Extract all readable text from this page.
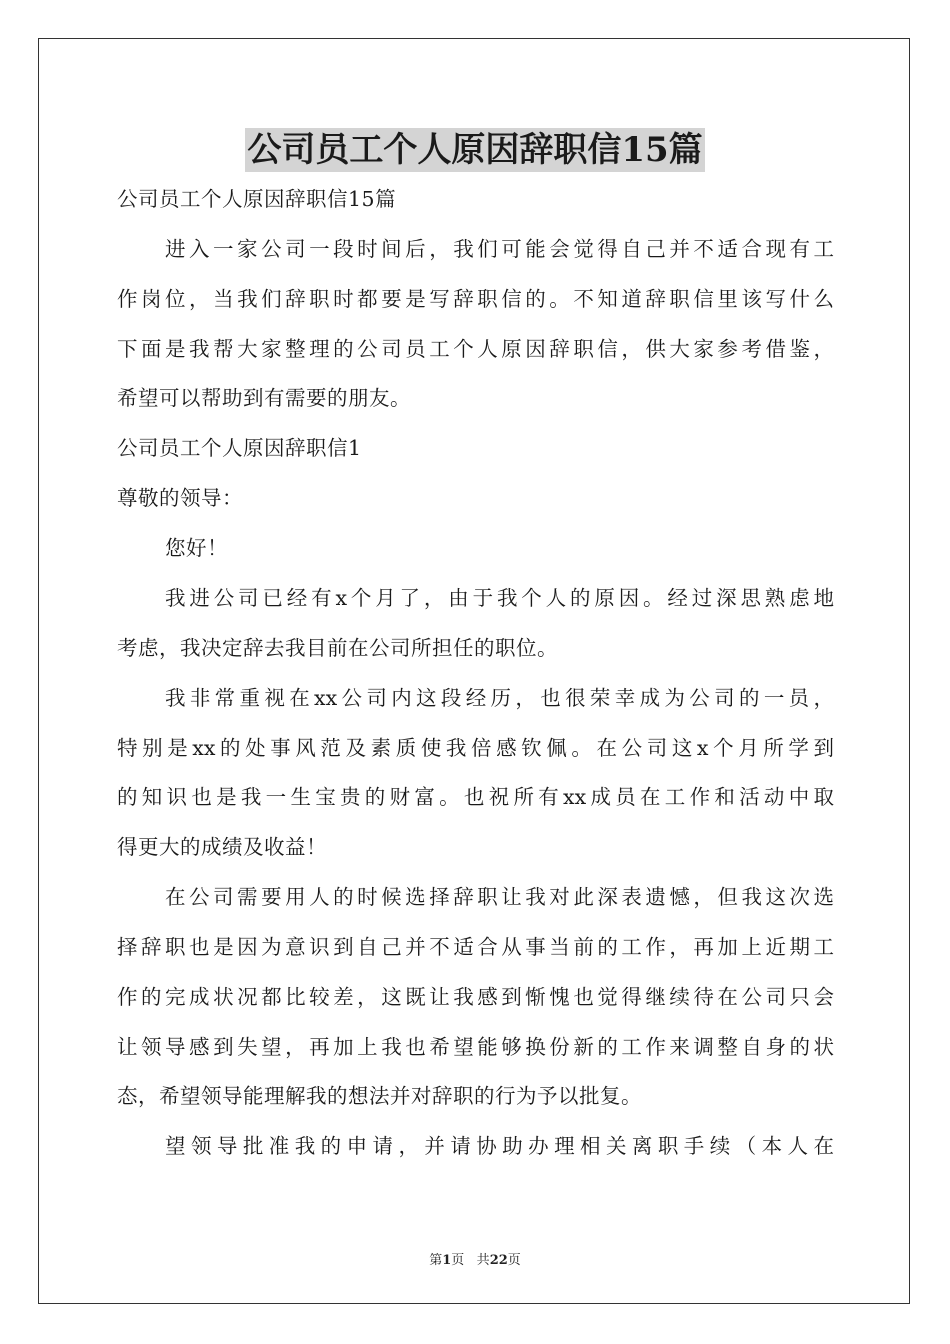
公司员工个人原因辞职信15篇

公司员工个人原因辞职信15篇

进入一家公司一段时间后，我们可能会觉得自己并不适合现有工

作岗位，当我们辞职时都要是写辞职信的。不知道辞职信里该写什么

下面是我帮大家整理的公司员工个人原因辞职信，供大家参考借鉴，

希望可以帮助到有需要的朋友。

公司员工个人原因辞职信1

尊敬的领导：

您好！

我进公司已经有x个月了，由于我个人的原因。经过深思熟虑地

考虑，我决定辞去我目前在公司所担任的职位。

我非常重视在xx公司内这段经历，也很荣幸成为公司的一员，

特别是xx的处事风范及素质使我倍感钦佩。在公司这x个月所学到

的知识也是我一生宝贵的财富。也祝所有xx成员在工作和活动中取

得更大的成绩及收益！

在公司需要用人的时候选择辞职让我对此深表遗憾，但我这次选

择辞职也是因为意识到自己并不适合从事当前的工作，再加上近期工

作的完成状况都比较差，这既让我感到惭愧也觉得继续待在公司只会

让领导感到失望，再加上我也希望能够换份新的工作来调整自身的状

态，希望领导能理解我的想法并对辞职的行为予以批复。

望领导批准我的申请，并请协助办理相关离职手续（本人在

第1页 共22页
